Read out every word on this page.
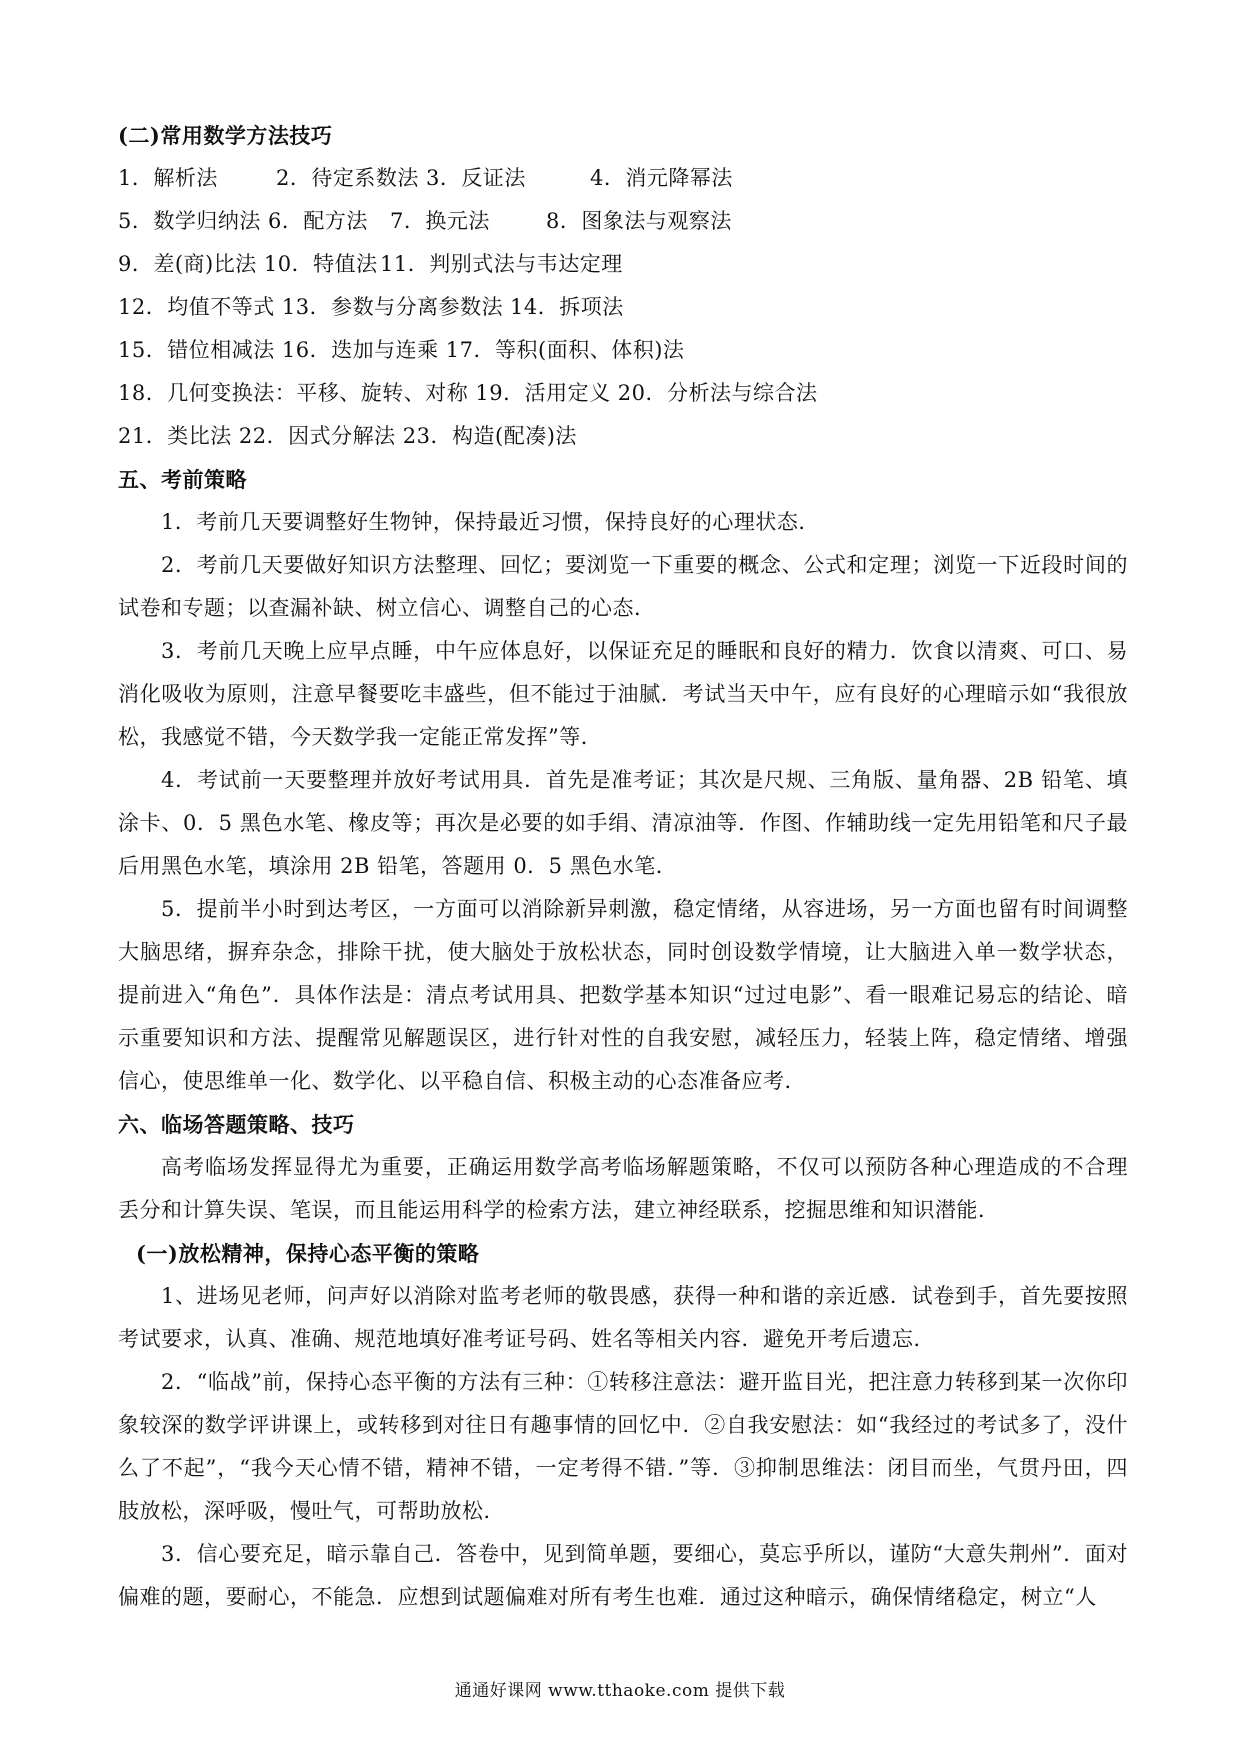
(二)常用数学方法技巧
1．解析法	2．待定系数法 3．反证法	4．消元降幂法
5．数学归纳法 6．配方法 7．换元法	8．图象法与观察法
9．差(商)比法 10．特值法 11．判别式法与韦达定理
12．均值不等式 13．参数与分离参数法 14．拆项法
15．错位相减法 16．迭加与连乘 17．等积(面积、体积)法
18．几何变换法：平移、旋转、对称 19．活用定义 20．分析法与综合法
21．类比法 22．因式分解法 23．构造(配凑)法
五、考前策略

1．考前几天要调整好生物钟，保持最近习惯，保持良好的心理状态．

2．考前几天要做好知识方法整理、回忆；要浏览一下重要的概念、公式和定理；浏览一下近段时间的试卷和专题；以查漏补缺、树立信心、调整自己的心态．

3．考前几天晚上应早点睡，中午应体息好，以保证充足的睡眠和良好的精力．饮食以清爽、可口、易消化吸收为原则，注意早餐要吃丰盛些，但不能过于油腻．考试当天中午，应有良好的心理暗示如“我很放松，我感觉不错，今天数学我一定能正常发挥”等．

4．考试前一天要整理并放好考试用具．首先是准考证；其次是尺规、三角版、量角器、2B 铅笔、填涂卡、0．5 黑色水笔、橡皮等；再次是必要的如手绢、清凉油等．作图、作辅助线一定先用铅笔和尺子最后用黑色水笔，填涂用 2B 铅笔，答题用 0．5 黑色水笔．

5．提前半小时到达考区，一方面可以消除新异刺激，稳定情绪，从容进场，另一方面也留有时间调整大脑思绪，摒弃杂念，排除干扰，使大脑处于放松状态，同时创设数学情境，让大脑进入单一数学状态，提前进入“角色”．具体作法是：清点考试用具、把数学基本知识“过过电影”、看一眼难记易忘的结论、暗示重要知识和方法、提醒常见解题误区，进行针对性的自我安慰，减轻压力，轻装上阵，稳定情绪、增强信心，使思维单一化、数学化、以平稳自信、积极主动的心态准备应考．

六、临场答题策略、技巧

高考临场发挥显得尤为重要，正确运用数学高考临场解题策略，不仅可以预防各种心理造成的不合理丢分和计算失误、笔误，而且能运用科学的检索方法，建立神经联系，挖掘思维和知识潜能．

(一)放松精神，保持心态平衡的策略

1、进场见老师，问声好以消除对监考老师的敬畏感，获得一种和谐的亲近感．试卷到手，首先要按照考试要求，认真、准确、规范地填好准考证号码、姓名等相关内容．避免开考后遗忘．

2．“临战”前，保持心态平衡的方法有三种：①转移注意法：避开监目光，把注意力转移到某一次你印象较深的数学评讲课上，或转移到对往日有趣事情的回忆中．②自我安慰法：如“我经过的考试多了，没什么了不起”，“我今天心情不错，精神不错，一定考得不错．”等．③抑制思维法：闭目而坐，气贯丹田，四肢放松，深呼吸，慢吐气，可帮助放松．

3．信心要充足，暗示靠自己．答卷中，见到简单题，要细心，莫忘乎所以，谨防“大意失荆州”．面对偏难的题，要耐心，不能急．应想到试题偏难对所有考生也难．通过这种暗示，确保情绪稳定，树立“人

通通好课网 www.tthaoke.com 提供下载
